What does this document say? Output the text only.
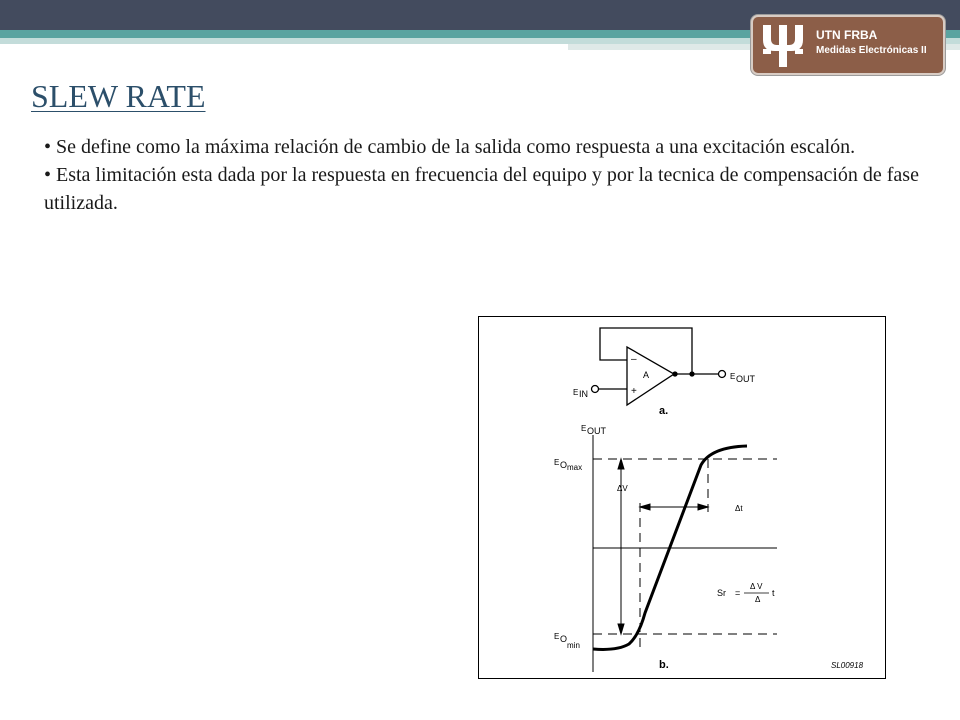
UTN FRBA
Medidas Electrónicas II
SLEW RATE

• Se define como la máxima relación de cambio de la salida como respuesta a una excitación escalón.

• Esta limitación esta dada por la respuesta en frecuencia del equipo y por la tecnica de compensación de fase utilizada.

–
+
A
E IN
E OUT
a.
E OUT
E O max
E O
min
ΔV
Δt
Sr =
Δ V
Δ
t
b.	SL00918
